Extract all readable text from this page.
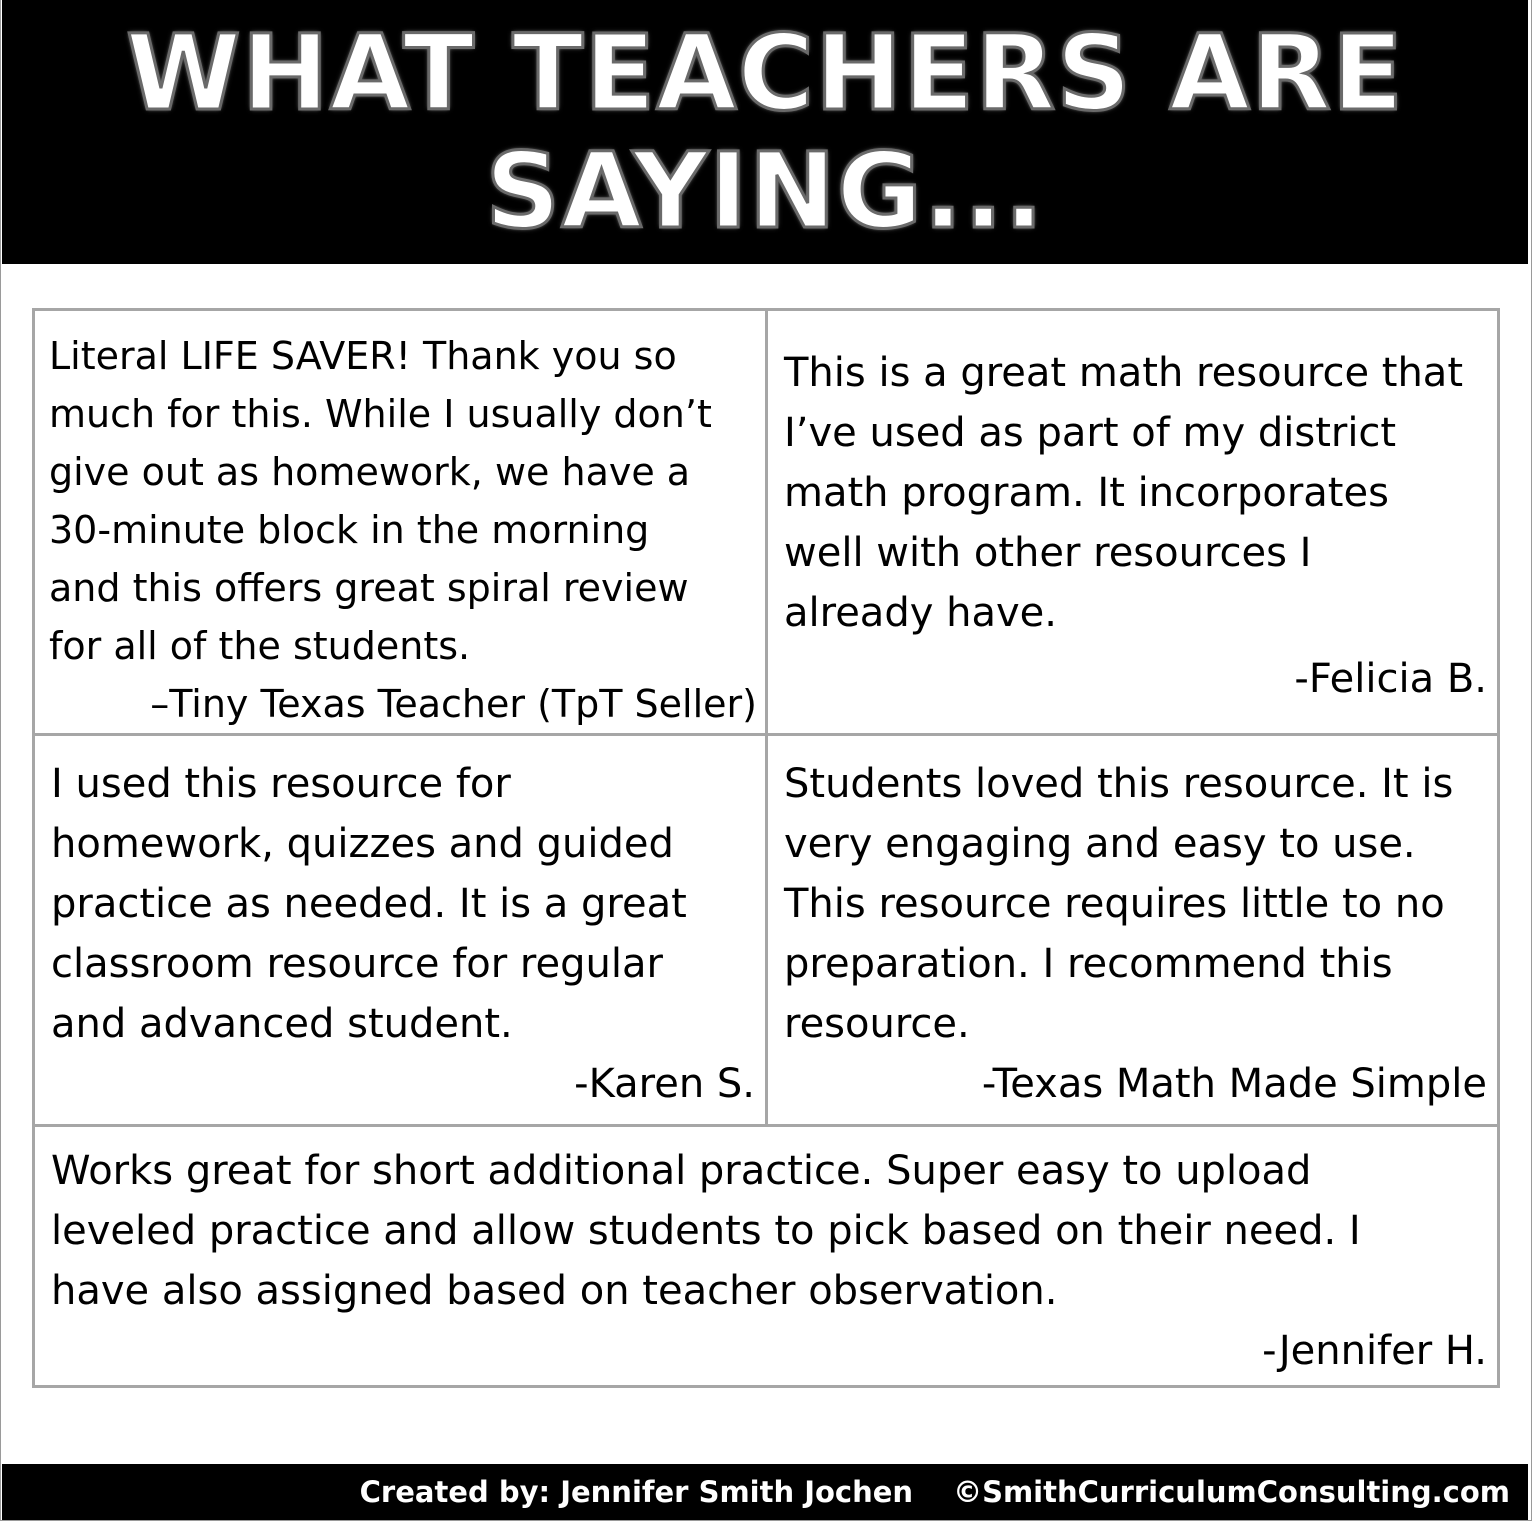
WHAT TEACHERS ARE SAYING...

Literal LIFE SAVER! Thank you so
much for this. While I usually don’t
give out as homework, we have a
30-minute block in the morning
and this offers great spiral review
for all of the students.

–Tiny Texas Teacher (TpT Seller)

This is a great math resource that
I’ve used as part of my district
math program. It incorporates
well with other resources I
already have.

-Felicia B.

I used this resource for
homework, quizzes and guided
practice as needed. It is a great
classroom resource for regular
and advanced student.

-Karen S.

Students loved this resource. It is
very engaging and easy to use.
This resource requires little to no
preparation. I recommend this
resource.

-Texas Math Made Simple

Works great for short additional practice. Super easy to upload
leveled practice and allow students to pick based on their need. I
have also assigned based on teacher observation.

-Jennifer H.

Created by: Jennifer Smith Jochen ©SmithCurriculumConsulting.com
